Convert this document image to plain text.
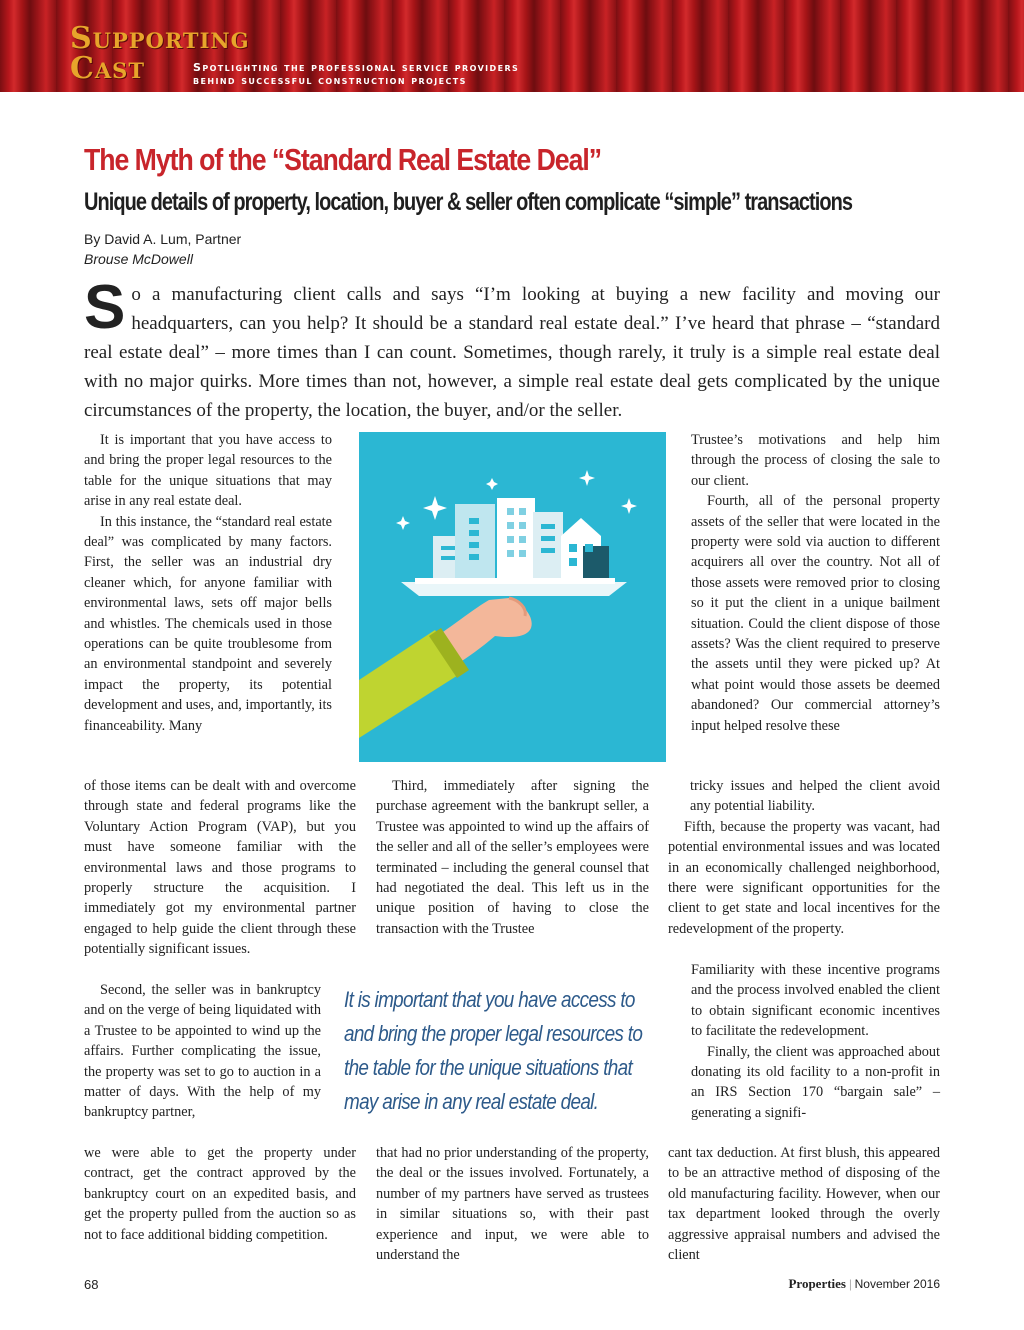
Supporting
Cast	Spotlighting the professional service providers
behind successful construction projects
The Myth of the “Standard Real Estate Deal”
Unique details of property, location, buyer & seller often complicate “simple” transactions
By David A. Lum, Partner
Brouse McDowell
So a manufacturing client calls and says “I’m looking at buying a new facility and moving our headquarters, can you help? It should be a standard real estate deal.” I’ve heard that phrase – “standard real estate deal” – more times than I can count. Sometimes, though rarely, it truly is a simple real estate deal with no major quirks. More times than not, however, a simple real estate deal gets complicated by the unique circumstances of the property, the location, the buyer, and/or the seller.

It is important that you have access to and bring the proper legal resources to the table for the unique situations that may arise in any real estate deal.

In this instance, the “standard real estate deal” was complicated by many factors. First, the seller was an industrial dry cleaner which, for anyone familiar with environmental laws, sets off major bells and whistles. The chemicals used in those operations can be quite troublesome from an environmental standpoint and severely impact the property, its potential development and uses, and, importantly, its financeability. Many

of those items can be dealt with and overcome through state and federal programs like the Voluntary Action Program (VAP), but you must have someone familiar with the environmental laws and those programs to properly structure the acquisition. I immediately got my environmental partner engaged to help guide the client through these potentially significant issues.

Second, the seller was in bankruptcy and on the verge of being liquidated with a Trustee to be appointed to wind up the affairs. Further complicating the issue, the property was set to go to auction in a matter of days. With the help of my bankruptcy partner,

we were able to get the property under contract, get the contract approved by the bankruptcy court on an expedited basis, and get the property pulled from the auction so as not to face additional bidding competition.

Third, immediately after signing the purchase agreement with the bankrupt seller, a Trustee was appointed to wind up the affairs of the seller and all of the seller’s employees were terminated – including the general counsel that had negotiated the deal. This left us in the unique position of having to close the transaction with the Trustee

It is important that you have access to and bring the proper legal resources to the table for the unique situations that may arise in any real estate deal.

that had no prior understanding of the property, the deal or the issues involved. Fortunately, a number of my partners have served as trustees in similar situations so, with their past experience and input, we were able to understand the

Trustee’s motivations and help him through the process of closing the sale to our client.

Fourth, all of the personal property assets of the seller that were located in the property were sold via auction to different acquirers all over the country. Not all of those assets were removed prior to closing so it put the client in a unique bailment situation. Could the client dispose of those assets? Was the client required to preserve the assets until they were picked up? At what point would those assets be deemed abandoned? Our commercial attorney’s input helped resolve these

tricky issues and helped the client avoid any potential liability.

Fifth, because the property was vacant, had potential environmental issues and was located in an economically challenged neighborhood, there were significant opportunities for the client to get state and local incentives for the redevelopment of the property.

Familiarity with these incentive programs and the process involved enabled the client to obtain significant economic incentives to facilitate the redevelopment.

Finally, the client was approached about donating its old facility to a non-profit in an IRS Section 170 “bargain sale” – generating a signifi-

cant tax deduction. At first blush, this appeared to be an attractive method of disposing of the old manufacturing facility. However, when our tax department looked through the overly aggressive appraisal numbers and advised the client

68	Properties | November 2016
